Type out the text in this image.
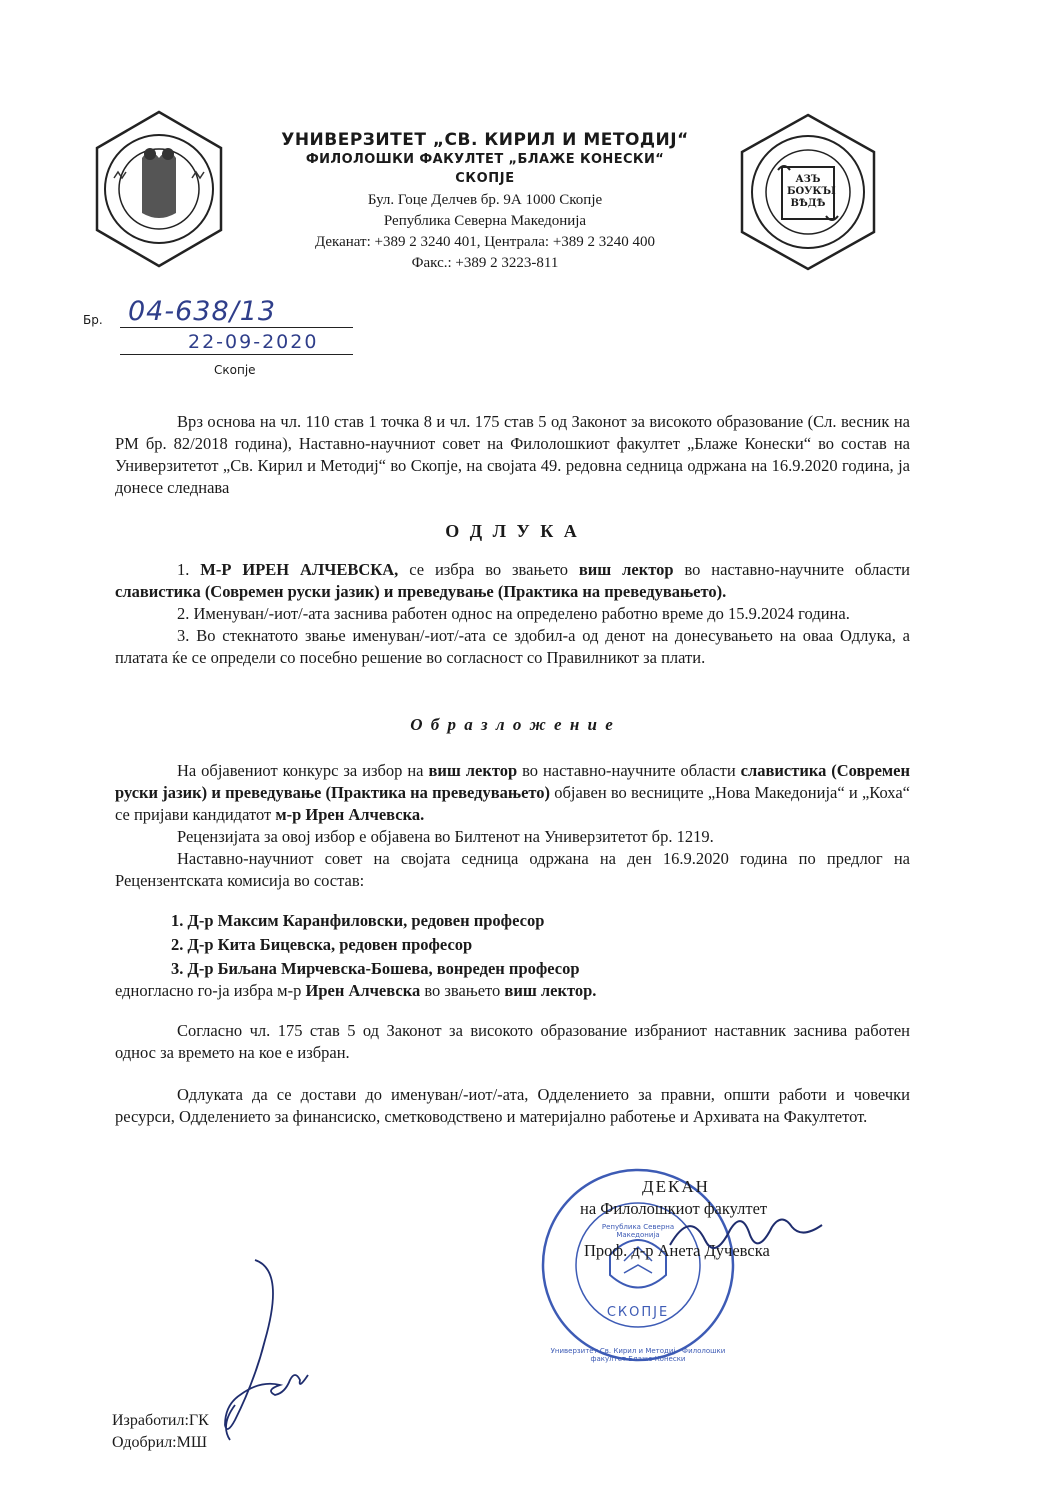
АЗЪ БОУКЪI ВѢДѢ
УНИВЕРЗИТЕТ „СВ. КИРИЛ И МЕТОДИЈ“
ФИЛОЛОШКИ ФАКУЛТЕТ „БЛАЖЕ КОНЕСКИ“
СКОПЈЕ
Бул. Гоце Делчев бр. 9А 1000 Скопје
Република Северна Македонија
Деканат: +389 2 3240 401, Централа: +389 2 3240 400
Факс.: +389 2 3223-811
Бр. 04-638/13
22-09-2020
Скопје

Врз основа на чл. 110 став 1 точка 8 и чл. 175 став 5 од Законот за високото образование (Сл. весник на РМ бр. 82/2018 година), Наставно-научниот совет на Филолошкиот факултет „Блаже Конески“ во состав на Универзитетот „Св. Кирил и Методиј“ во Скопје, на својата 49. редовна седница одржана на 16.9.2020 година, ја донесе следнава

О Д Л У К А

1. М-Р ИРЕН АЛЧЕВСКА, се избра во звањето виш лектор во наставно-научните области славистика (Современ руски јазик) и преведување (Практика на преведувањето).

2. Именуван/-иот/-ата заснива работен однос на определено работно време до 15.9.2024 година.

3. Во стекнатото звање именуван/-иот/-ата се здобил-а од денот на донесувањето на оваа Одлука, а платата ќе се определи со посебно решение во согласност со Правилникот за плати.

О б р а з л о ж е н и е

На објавениот конкурс за избор на виш лектор во наставно-научните области славистика (Современ руски јазик) и преведување (Практика на преведувањето) објавен во весниците „Нова Македонија“ и „Коха“ се пријави кандидатот м-р Ирен Алчевска.

Рецензијата за овој избор е објавена во Билтенот на Универзитетот бр. 1219.

Наставно-научниот совет на својата седница одржана на ден 16.9.2020 година по предлог на Рецензентската комисија во состав:

1. Д-р Максим Каранфиловски, редовен професор
2. Д-р Кита Бицевска, редовен професор
3. Д-р Биљана Мирчевска-Бошева, вонреден професор
едногласно го-ја избра м-р Ирен Алчевска во звањето виш лектор.

Согласно чл. 175 став 5 од Законот за високото образование избраниот наставник заснива работен однос за времето на кое е избран.

Одлуката да се достави до именуван/-иот/-ата, Одделението за правни, општи работи и човечки ресурси, Одделението за финансиско, сметководствено и материјално работење и Архивата на Факултетот.

СКОПЈЕ
Универзитет Св. Кирил и Методиј · Филолошки факултет Блаже Конески
Република Северна Македонија
ДЕКАН
на Филолошкиот факултет
Проф. д-р Анета Дучевска
Изработил:ГК
Одобрил:МШ
